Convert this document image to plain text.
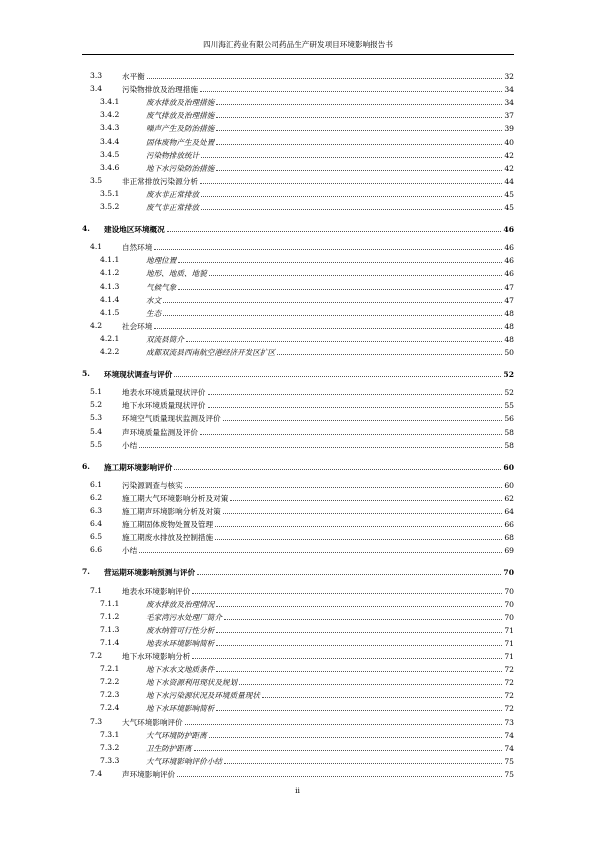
四川海汇药业有限公司药品生产研发项目环境影响报告书
3.3	水平衡	32
3.4	污染物排放及治理措施	34
3.4.1	废水排放及治理措施	34
3.4.2	废气排放及治理措施	37
3.4.3	噪声产生及防治措施	39
3.4.4	固体废物产生及处置	40
3.4.5	污染物排放统计	42
3.4.6	地下水污染防治措施	42
3.5	非正常排放污染源分析	44
3.5.1	废水非正常排放	45
3.5.2	废气非正常排放	45
4. 建设地区环境概况	46
4.1	自然环境	46
4.1.1	地理位置	46
4.1.2	地形、地质、地貌	46
4.1.3	气候气象	47
4.1.4	水文	47
4.1.5	生态	48
4.2	社会环境	48
4.2.1	双流县简介	48
4.2.2	成都双流县西南航空港经济开发区扩区	50
5. 环境现状调查与评价	52
5.1	地表水环境质量现状评价	52
5.2	地下水环境质量现状评价	55
5.3	环境空气质量现状监测及评价	56
5.4	声环境质量监测及评价	58
5.5	小结	58
6. 施工期环境影响评价	60
6.1	污染源调查与核实	60
6.2	施工期大气环境影响分析及对策	62
6.3	施工期声环境影响分析及对策	64
6.4	施工期固体废物处置及管理	66
6.5	施工期废水排放及控制措施	68
6.6	小结	69
7. 营运期环境影响预测与评价	70
7.1	地表水环境影响评价	70
7.1.1	废水排放及治理情况	70
7.1.2	毛家湾污水处理厂简介	70
7.1.3	废水纳管可行性分析	71
7.1.4	地表水环境影响简析	71
7.2	地下水环境影响分析	71
7.2.1	地下水水文地质条件	72
7.2.2	地下水资源利用现状及规划	72
7.2.3	地下水污染源状况及环境质量现状	72
7.2.4	地下水环境影响简析	72
7.3	大气环境影响评价	73
7.3.1	大气环境防护距离	74
7.3.2	卫生防护距离	74
7.3.3	大气环境影响评价小结	75
7.4	声环境影响评价	75
ii
